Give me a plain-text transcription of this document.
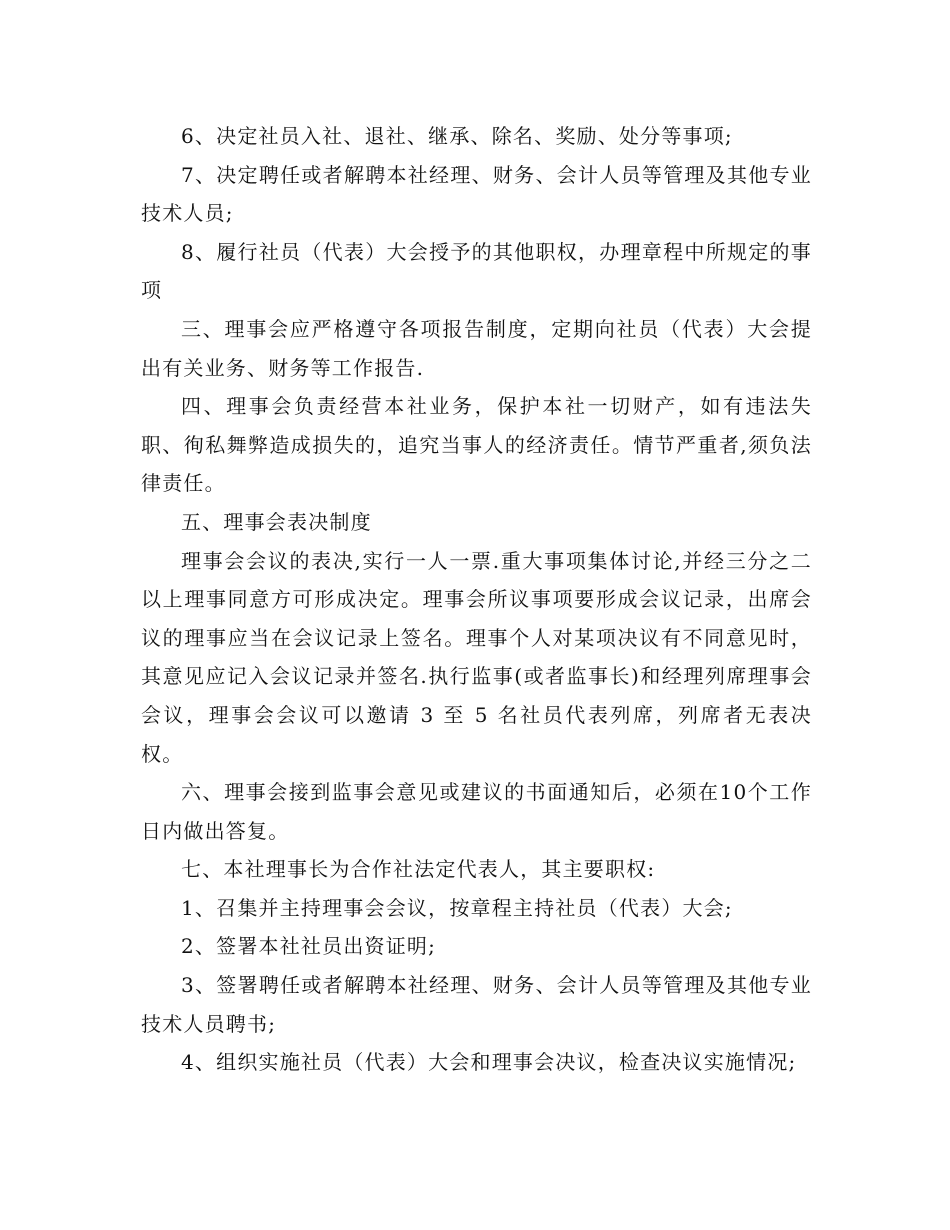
6、决定社员入社、退社、继承、除名、奖励、处分等事项;

7、决定聘任或者解聘本社经理、财务、会计人员等管理及其他专业技术人员;

8、履行社员（代表）大会授予的其他职权，办理章程中所规定的事项

三、理事会应严格遵守各项报告制度，定期向社员（代表）大会提出有关业务、财务等工作报告.

四、理事会负责经营本社业务，保护本社一切财产，如有违法失职、徇私舞弊造成损失的，追究当事人的经济责任。情节严重者,须负法律责任。

五、理事会表决制度

理事会会议的表决,实行一人一票.重大事项集体讨论,并经三分之二以上理事同意方可形成决定。理事会所议事项要形成会议记录，出席会议的理事应当在会议记录上签名。理事个人对某项决议有不同意见时，其意见应记入会议记录并签名.执行监事(或者监事长)和经理列席理事会会议，理事会会议可以邀请 3 至 5 名社员代表列席，列席者无表决权。

六、理事会接到监事会意见或建议的书面通知后，必须在10个工作日内做出答复。

七、本社理事长为合作社法定代表人，其主要职权:

1、召集并主持理事会会议，按章程主持社员（代表）大会;

2、签署本社社员出资证明;

3、签署聘任或者解聘本社经理、财务、会计人员等管理及其他专业技术人员聘书;

4、组织实施社员（代表）大会和理事会决议，检查决议实施情况;
